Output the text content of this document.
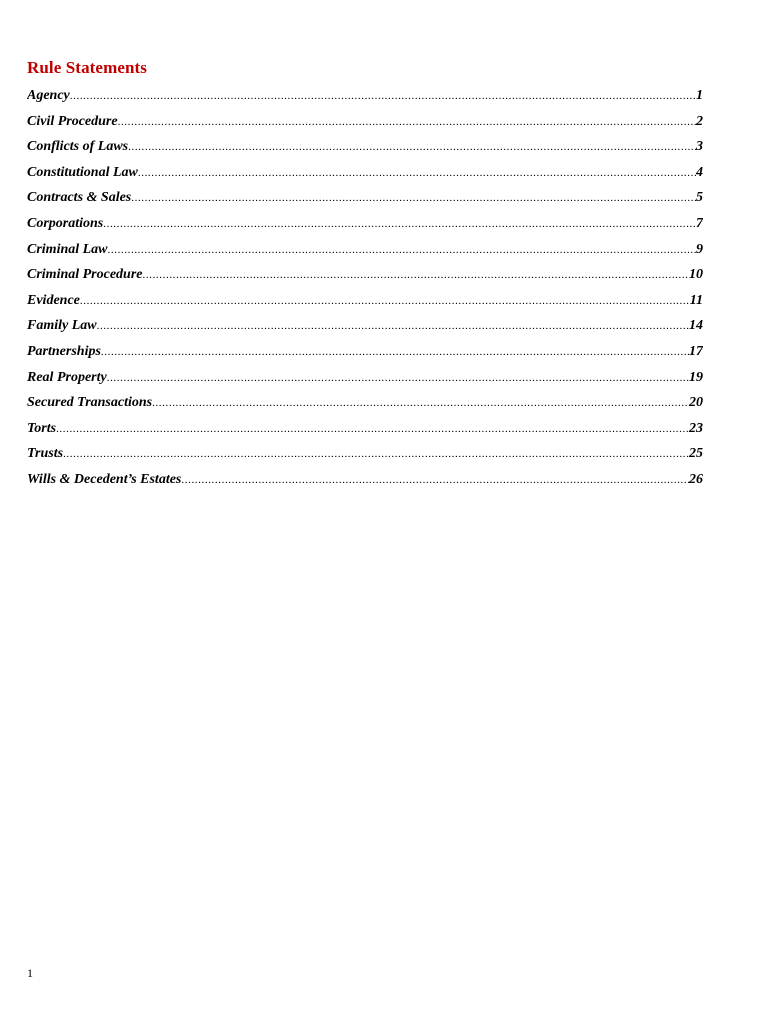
Rule Statements
Agency .....	1
Civil Procedure .....	2
Conflicts of Laws .....	3
Constitutional Law .....	4
Contracts & Sales .....	5
Corporations .....	7
Criminal Law .....	9
Criminal Procedure .....	10
Evidence .....	11
Family Law .....	14
Partnerships .....	17
Real Property .....	19
Secured Transactions .....	20
Torts .....	23
Trusts .....	25
Wills & Decedent’s Estates .....	26
1
